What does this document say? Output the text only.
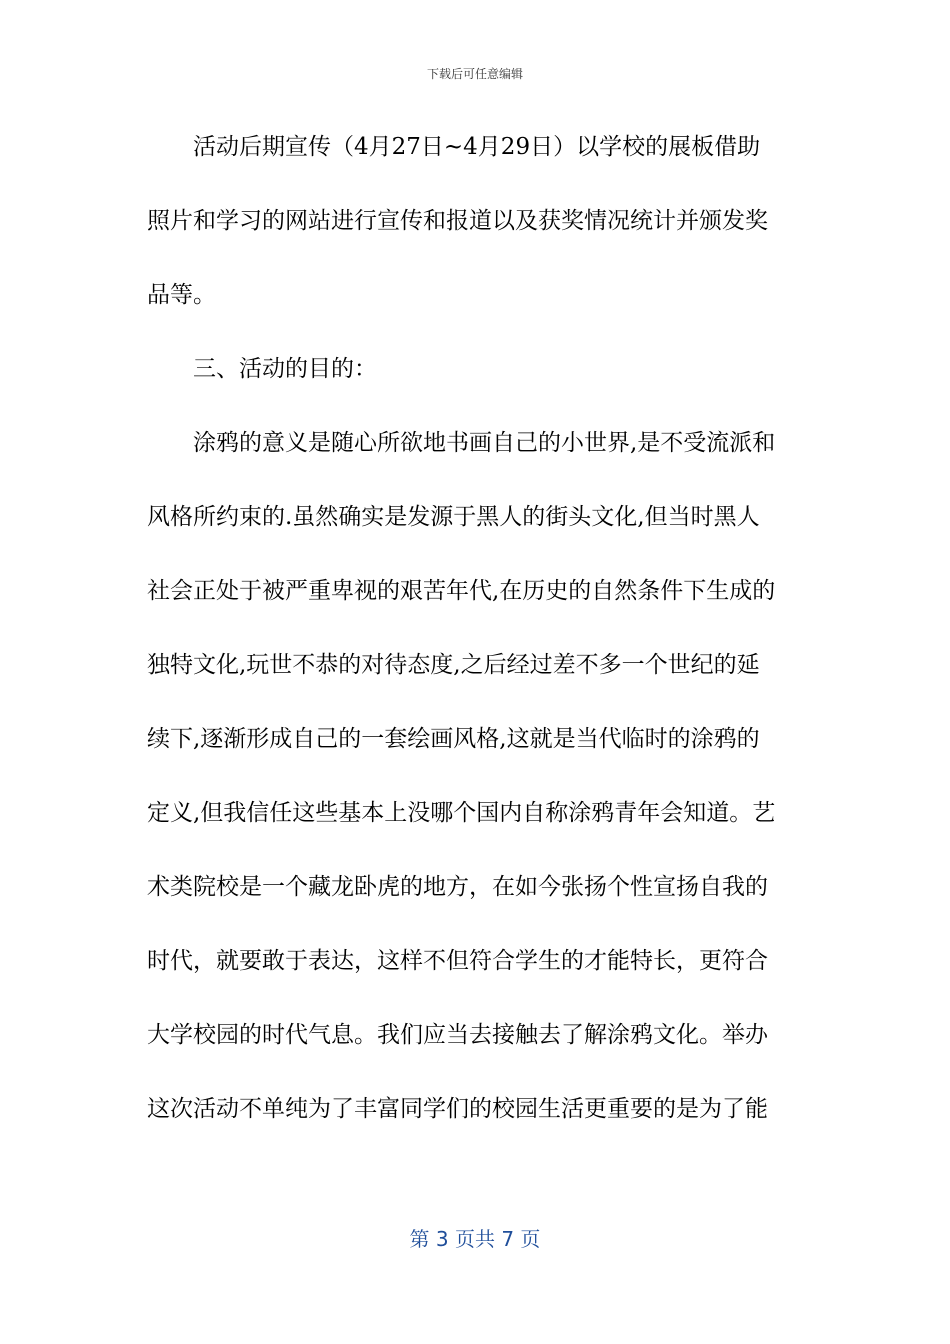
下载后可任意编辑
活动后期宣传（4月27日~4月29日）以学校的展板借助
照片和学习的网站进行宣传和报道以及获奖情况统计并颁发奖
品等。
三、活动的目的：
涂鸦的意义是随心所欲地书画自己的小世界,是不受流派和
风格所约束的.虽然确实是发源于黑人的街头文化,但当时黑人
社会正处于被严重卑视的艰苦年代,在历史的自然条件下生成的
独特文化,玩世不恭的对待态度,之后经过差不多一个世纪的延
续下,逐渐形成自己的一套绘画风格,这就是当代临时的涂鸦的
定义,但我信任这些基本上没哪个国内自称涂鸦青年会知道。艺
术类院校是一个藏龙卧虎的地方，在如今张扬个性宣扬自我的
时代，就要敢于表达，这样不但符合学生的才能特长，更符合
大学校园的时代气息。我们应当去接触去了解涂鸦文化。举办
这次活动不单纯为了丰富同学们的校园生活更重要的是为了能
第 3 页共 7 页
